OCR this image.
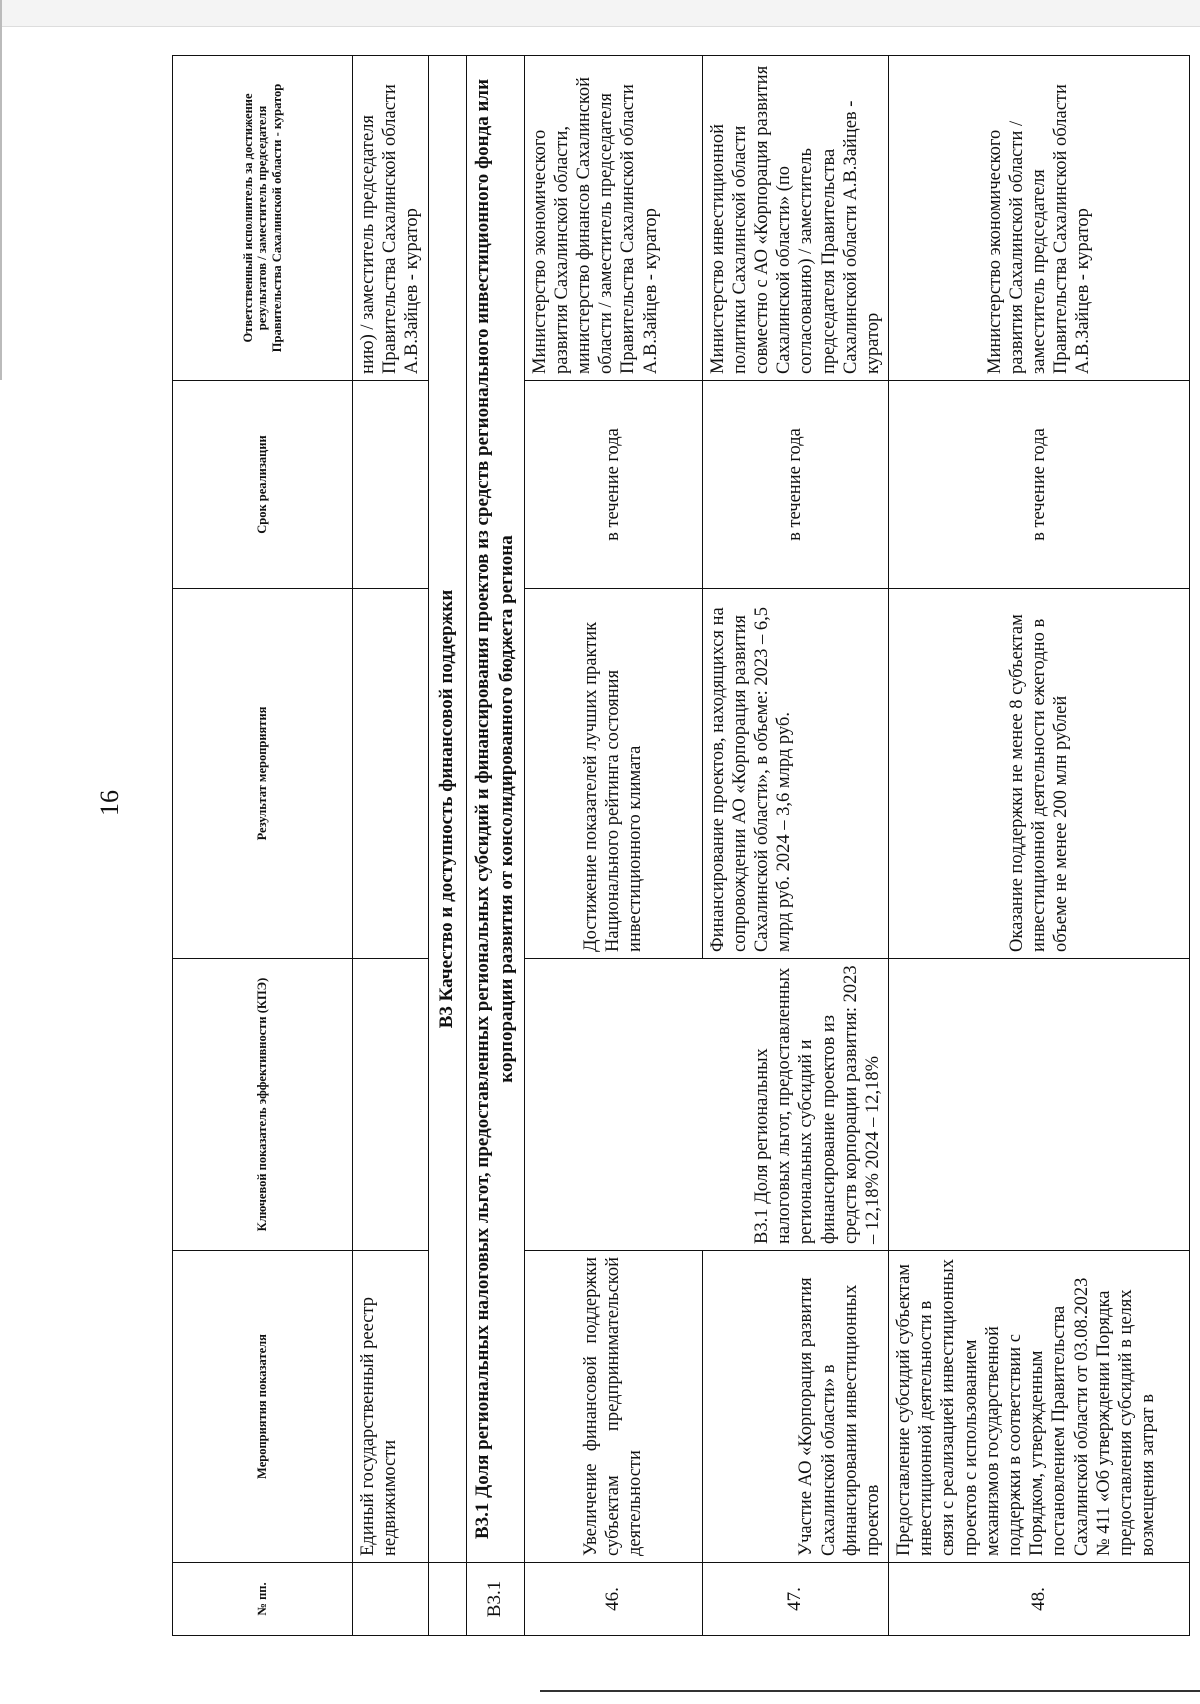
16
№ пп.	Мероприятия показателя	Ключевой показатель эффективности (КПЭ)	Результат мероприятия	Срок реализации	Ответственный исполнитель за достижение результатов / заместитель председателя Правительства Сахалинской области - куратор
	Единый государственный реестр недвижимости				нию) / заместитель председателя Правительства Сахалинской области А.В.Зайцев - куратор
	В3 Качество и доступность финансовой поддержки				
В3.1	В3.1 Доля региональных налоговых льгот, предоставленных региональных субсидий и финансирования проектов из средств регионального инвестиционного фонда или корпорации развития от консолидированного бюджета региона				
46.	Увеличение финансовой поддержки субъектам предпринимательской деятельности	В3.1 Доля региональных налоговых льгот, предоставленных региональных субсидий и финансирование проектов из средств корпорации развития: 2023 – 12,18% 2024 – 12,18%	Достижение показателей лучших практик Национального рейтинга состояния инвестиционного климата	в течение года	Министерство экономического развития Сахалинской области, министерство финансов Сахалинской области / заместитель председателя Правительства Сахалинской области А.В.Зайцев - куратор
47.	Участие АО «Корпорация развития Сахалинской области» в финансировании инвестиционных проектов		Финансирование проектов, находящихся на сопровождении АО «Корпорация развития Сахалинской области», в объеме: 2023 – 6,5 млрд руб. 2024 – 3,6 млрд руб.	в течение года	Министерство инвестиционной политики Сахалинской области совместно с АО «Корпорация развития Сахалинской области» (по согласованию) / заместитель председателя Правительства Сахалинской области А.В.Зайцев - куратор
48.	Предоставление субсидий субъектам инвестиционной деятельности в связи с реализацией инвестиционных проектов с использованием механизмов государственной поддержки в соответствии с Порядком, утвержденным постановлением Правительства Сахалинской области от 03.08.2023 № 411 «Об утверждении Порядка предоставления субсидий в целях возмещения затрат в		Оказание поддержки не менее 8 субъектам инвестиционной деятельности ежегодно в объеме не менее 200 млн рублей	в течение года	Министерство экономического развития Сахалинской области / заместитель председателя Правительства Сахалинской области А.В.Зайцев - куратор
